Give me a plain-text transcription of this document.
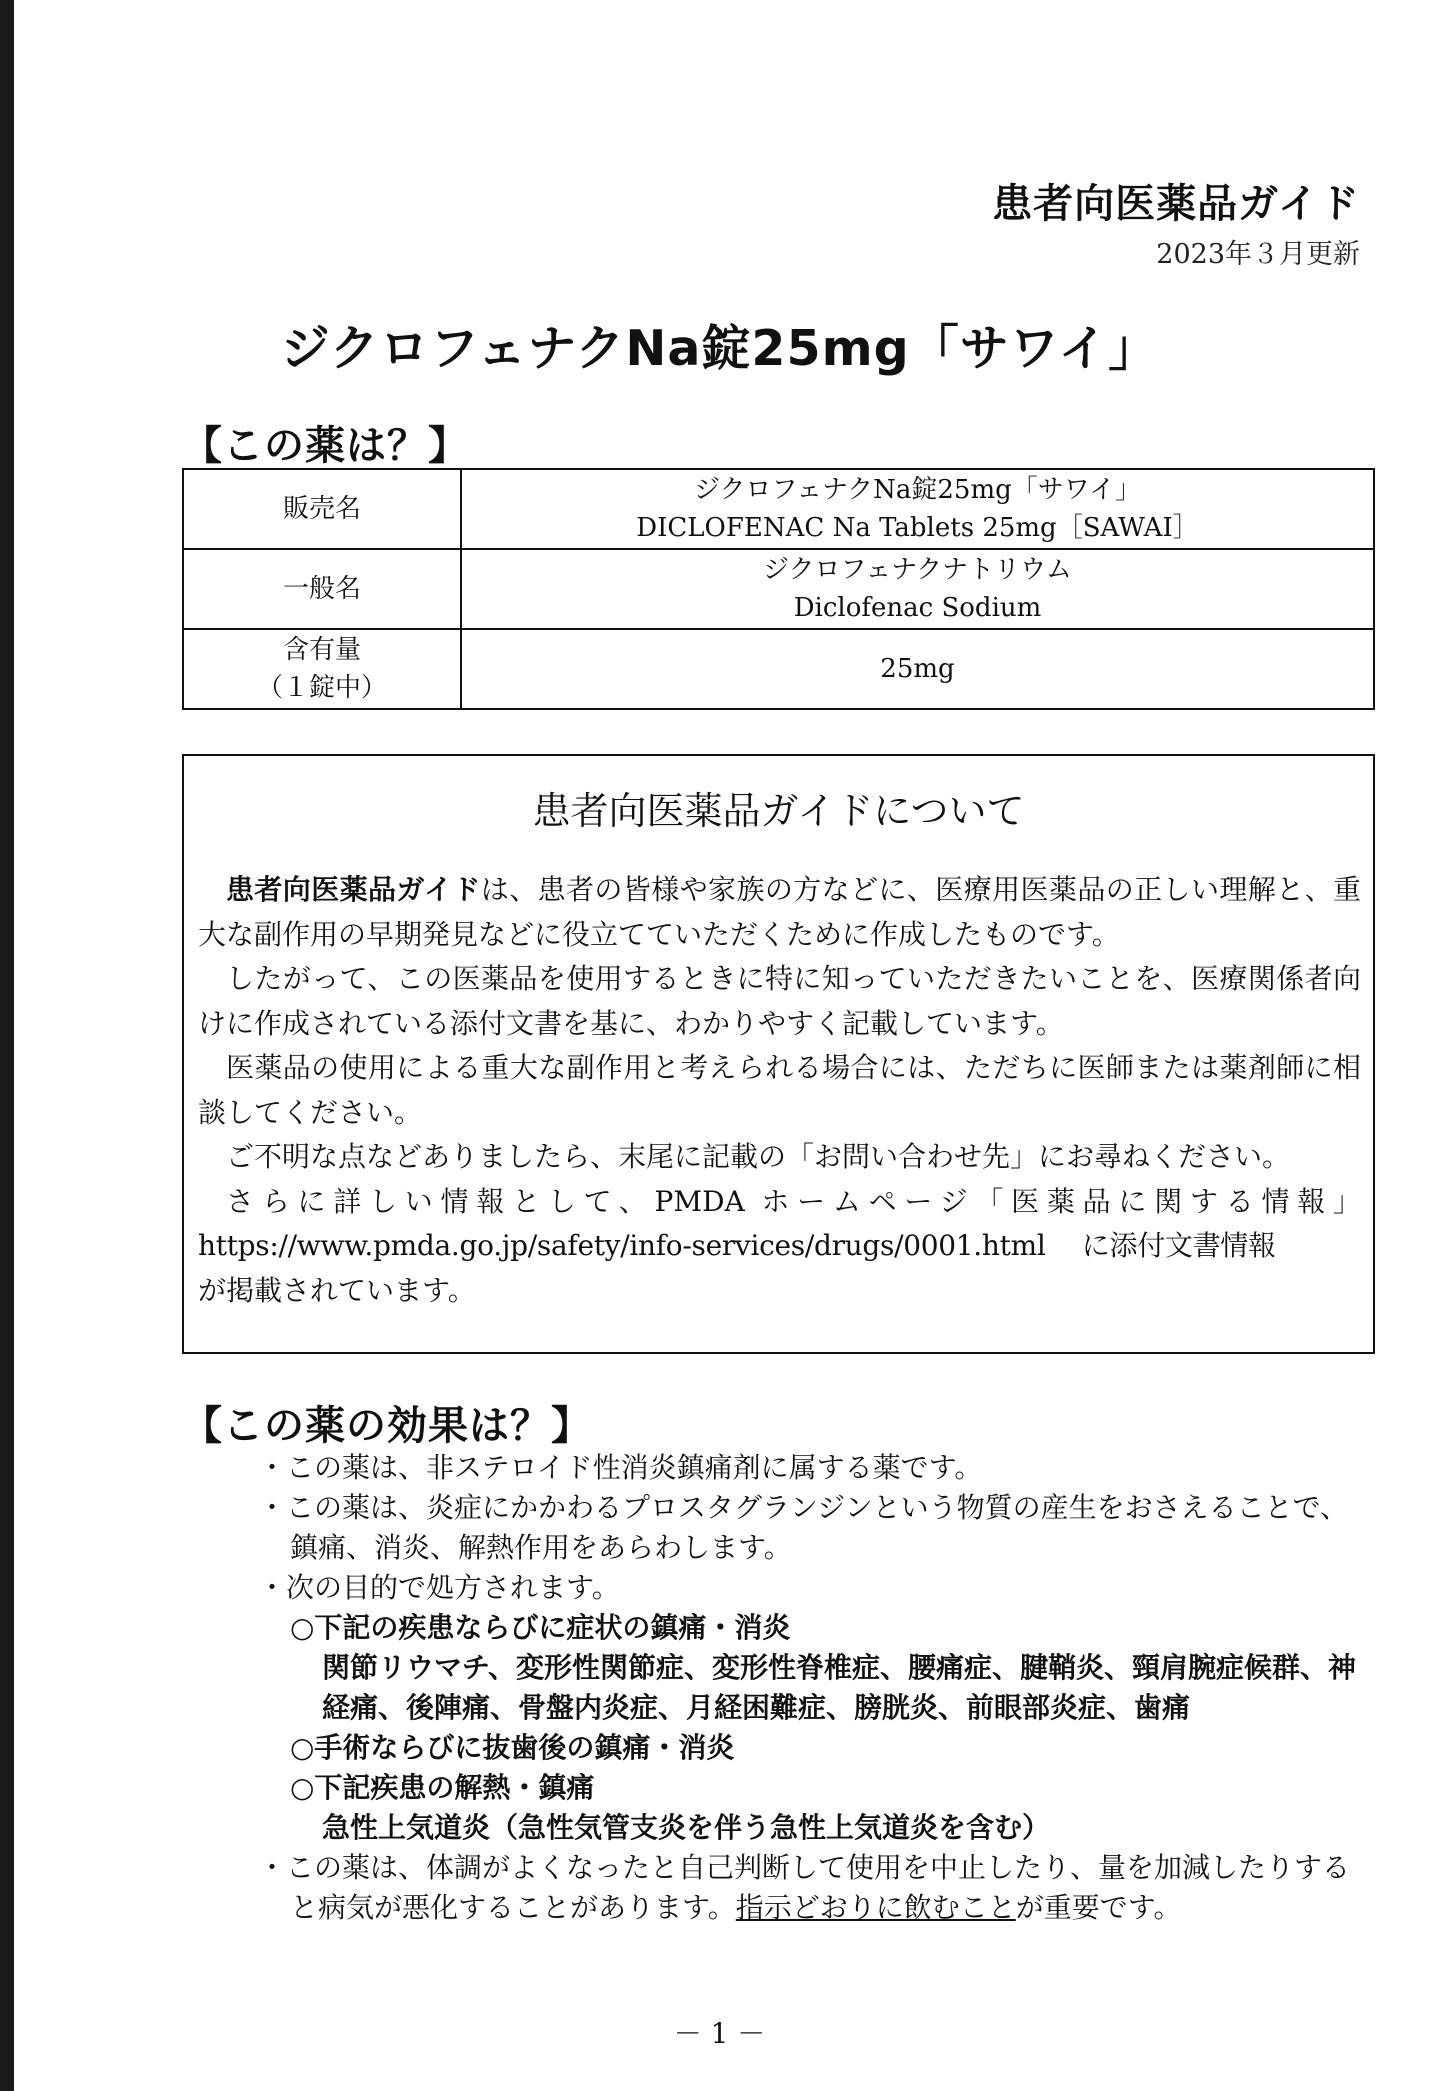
患者向医薬品ガイド
2023年３月更新
ジクロフェナクNa錠25mg「サワイ」
【この薬は？】
販売名	ジクロフェナクNa錠25mg「サワイ」
DICLOFENAC Na Tablets 25mg［SAWAI］

一般名	ジクロフェナクナトリウム
Diclofenac Sodium

含有量
（１錠中）	25mg
患者向医薬品ガイドについて

患者向医薬品ガイドは、患者の皆様や家族の方などに、医療用医薬品の正しい理解と、重大な副作用の早期発見などに役立てていただくために作成したものです。

したがって、この医薬品を使用するときに特に知っていただきたいことを、医療関係者向けに作成されている添付文書を基に、わかりやすく記載しています。

医薬品の使用による重大な副作用と考えられる場合には、ただちに医師または薬剤師に相談してください。

ご不明な点などありましたら、末尾に記載の「お問い合わせ先」にお尋ねください。

さらに詳しい情報として、PMDA ホームページ「医薬品に関する情報」

https://www.pmda.go.jp/safety/info-services/drugs/0001.html　 に添付文書情報

が掲載されています。

【この薬の効果は？】

・この薬は、非ステロイド性消炎鎮痛剤に属する薬です。

・この薬は、炎症にかかわるプロスタグランジンという物質の産生をおさえることで、鎮痛、消炎、解熱作用をあらわします。

・次の目的で処方されます。

○下記の疾患ならびに症状の鎮痛・消炎

関節リウマチ、変形性関節症、変形性脊椎症、腰痛症、腱鞘炎、頸肩腕症候群、神経痛、後陣痛、骨盤内炎症、月経困難症、膀胱炎、前眼部炎症、歯痛

○手術ならびに抜歯後の鎮痛・消炎

○下記疾患の解熱・鎮痛

急性上気道炎（急性気管支炎を伴う急性上気道炎を含む）

・この薬は、体調がよくなったと自己判断して使用を中止したり、量を加減したりすると病気が悪化することがあります。指示どおりに飲むことが重要です。

－ 1 －
